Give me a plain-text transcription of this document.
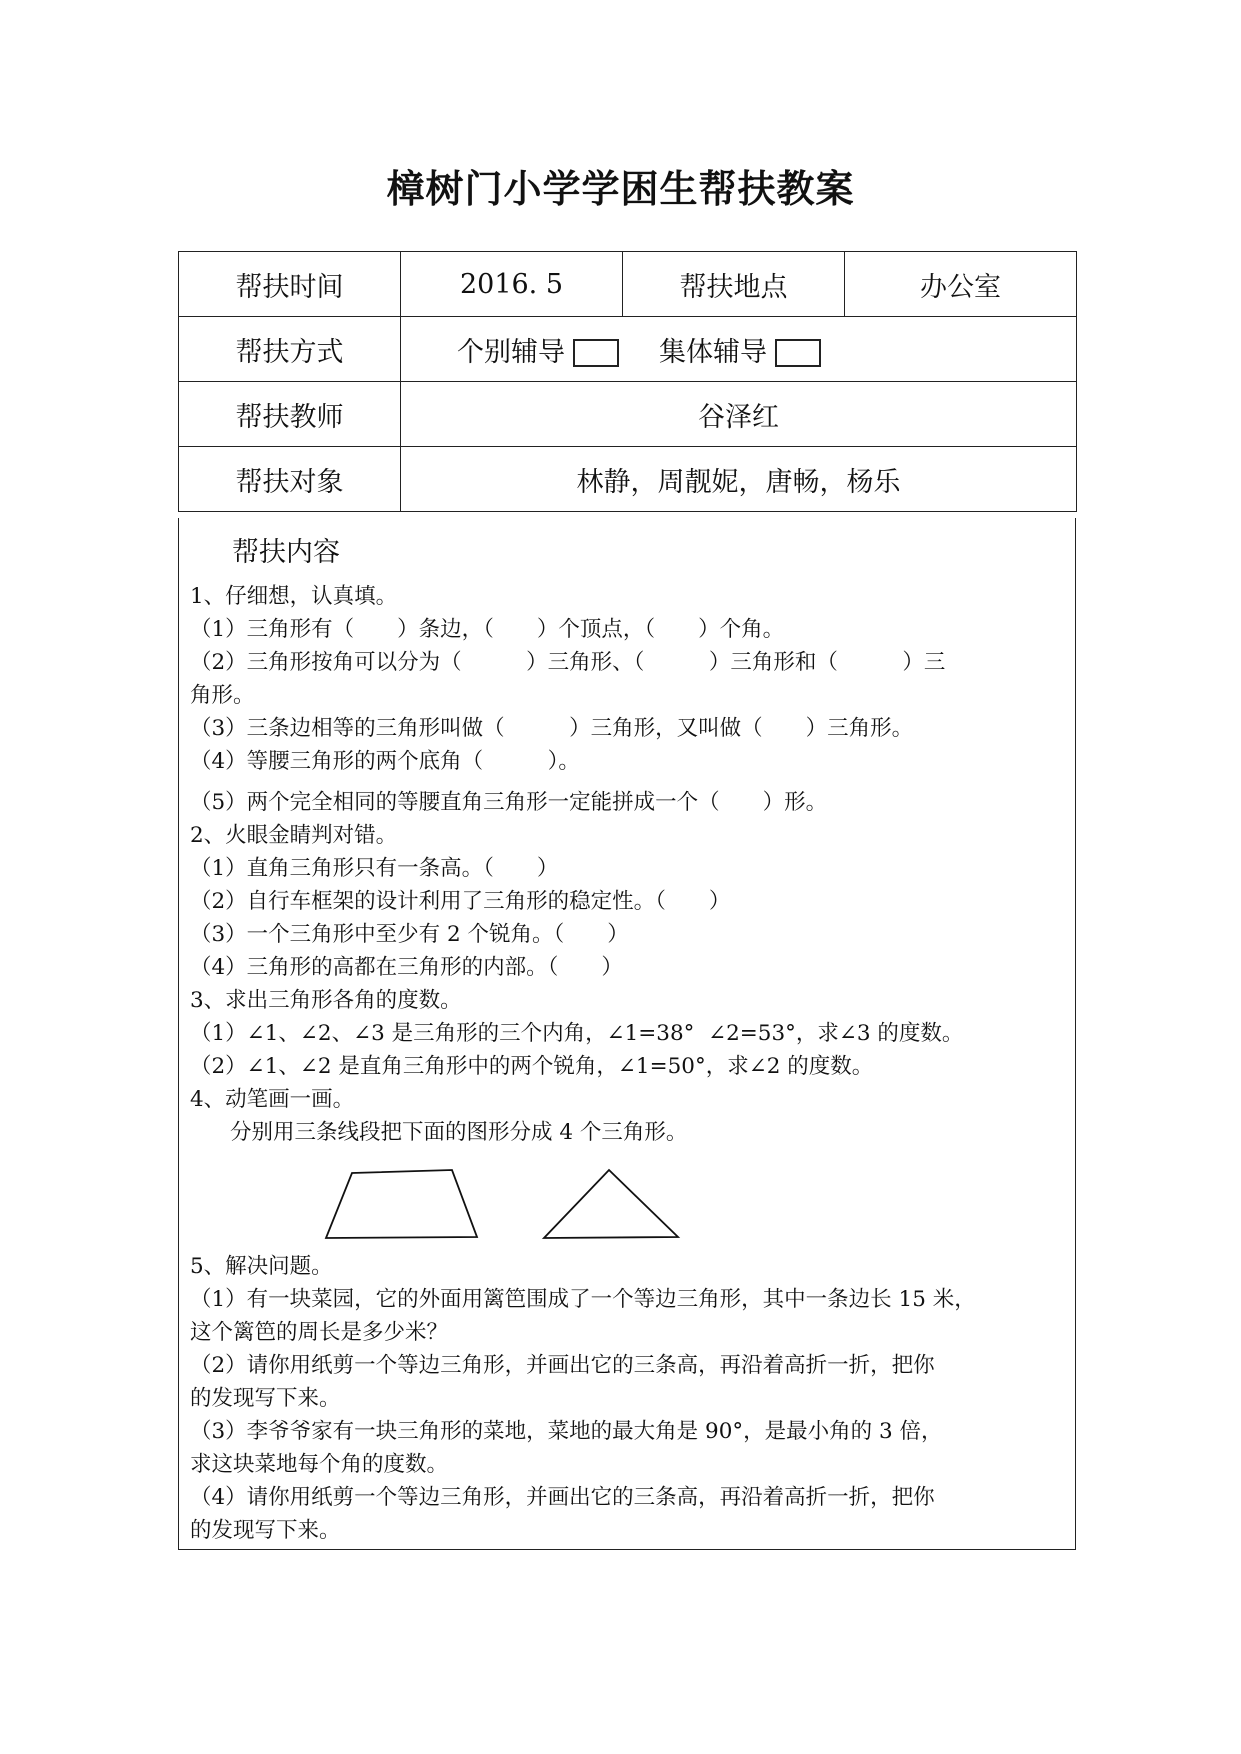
樟树门小学学困生帮扶教案
帮扶时间	2016. 5	帮扶地点	办公室
帮扶方式	个别辅导 集体辅导		
帮扶教师	谷泽红		
帮扶对象	林静，周靓妮，唐畅，杨乐		
帮扶内容
1、仔细想，认真填。
（1）三角形有（　　）条边，（　　）个顶点，（　　）个角。
（2）三角形按角可以分为（　　　）三角形、（　　　）三角形和（　　　）三
角形。
（3）三条边相等的三角形叫做（　　　）三角形，又叫做（　　）三角形。
（4）等腰三角形的两个底角（　　　）。
（5）两个完全相同的等腰直角三角形一定能拼成一个（　　）形。
2、火眼金睛判对错。
（1）直角三角形只有一条高。（　　）
（2）自行车框架的设计利用了三角形的稳定性。（　　）
（3）一个三角形中至少有 2 个锐角。（　　）
（4）三角形的高都在三角形的内部。（　　）
3、求出三角形各角的度数。
（1）∠1、∠2、∠3 是三角形的三个内角，∠1=38°  ∠2=53°，求∠3 的度数。
（2）∠1、∠2 是直角三角形中的两个锐角，∠1=50°，求∠2 的度数。
4、动笔画一画。
分别用三条线段把下面的图形分成 4 个三角形。
5、解决问题。
（1）有一块菜园，它的外面用篱笆围成了一个等边三角形，其中一条边长 15 米，
这个篱笆的周长是多少米？
（2）请你用纸剪一个等边三角形，并画出它的三条高，再沿着高折一折，把你
的发现写下来。
（3）李爷爷家有一块三角形的菜地，菜地的最大角是 90°，是最小角的 3 倍，
求这块菜地每个角的度数。
（4）请你用纸剪一个等边三角形，并画出它的三条高，再沿着高折一折，把你
的发现写下来。
